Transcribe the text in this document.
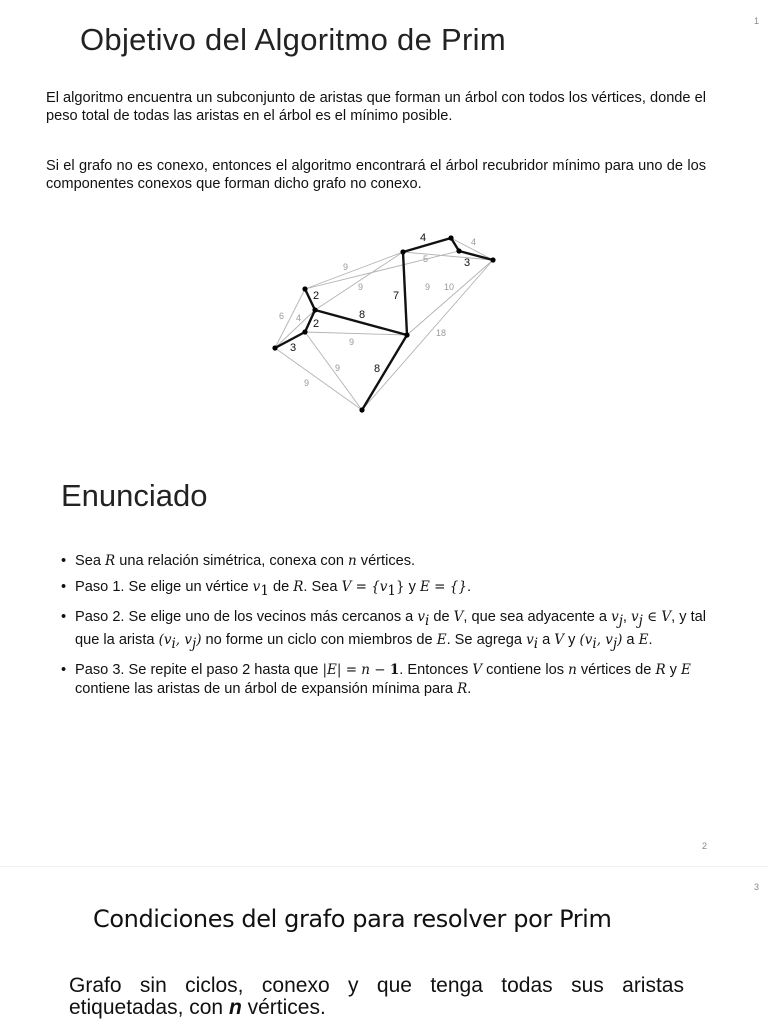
1
Objetivo del Algoritmo de Prim
El algoritmo encuentra un subconjunto de aristas que forman un árbol con todos los vértices, donde el peso total de todas las aristas en el árbol es el mínimo posible.
Si el grafo no es conexo, entonces el algoritmo encontrará el árbol recubridor mínimo para uno de los componentes conexos que forman dicho grafo no conexo.
4
3
2
2
3
8
7
8
9
9
5
4
9 10
6 4
9
18
9
9
Enunciado
• Sea R una relación simétrica, conexa con n vértices.
• Paso 1. Se elige un vértice $v_1$ de R. Sea $V = \{v_1\}$ y E = {}.
• Paso 2. Se elige uno de los vecinos más cercanos a $v_i$ de V, que sea adyacente a $v_j$, $v_j$ ∈ V, y tal que la arista ($v_i$, $v_j$) no forme un ciclo con miembros de E. Se agrega $v_i$ a V y ($v_i$, $v_j$) a E.
• Paso 3. Se repite el paso 2 hasta que |E| = n − 1. Entonces V contiene los n vértices de R y E contiene las aristas de un árbol de expansión mínima para R.
2
3
Condiciones del grafo para resolver por Prim
Grafo sin ciclos, conexo y que tenga todas sus aristas etiquetadas, con n vértices.
